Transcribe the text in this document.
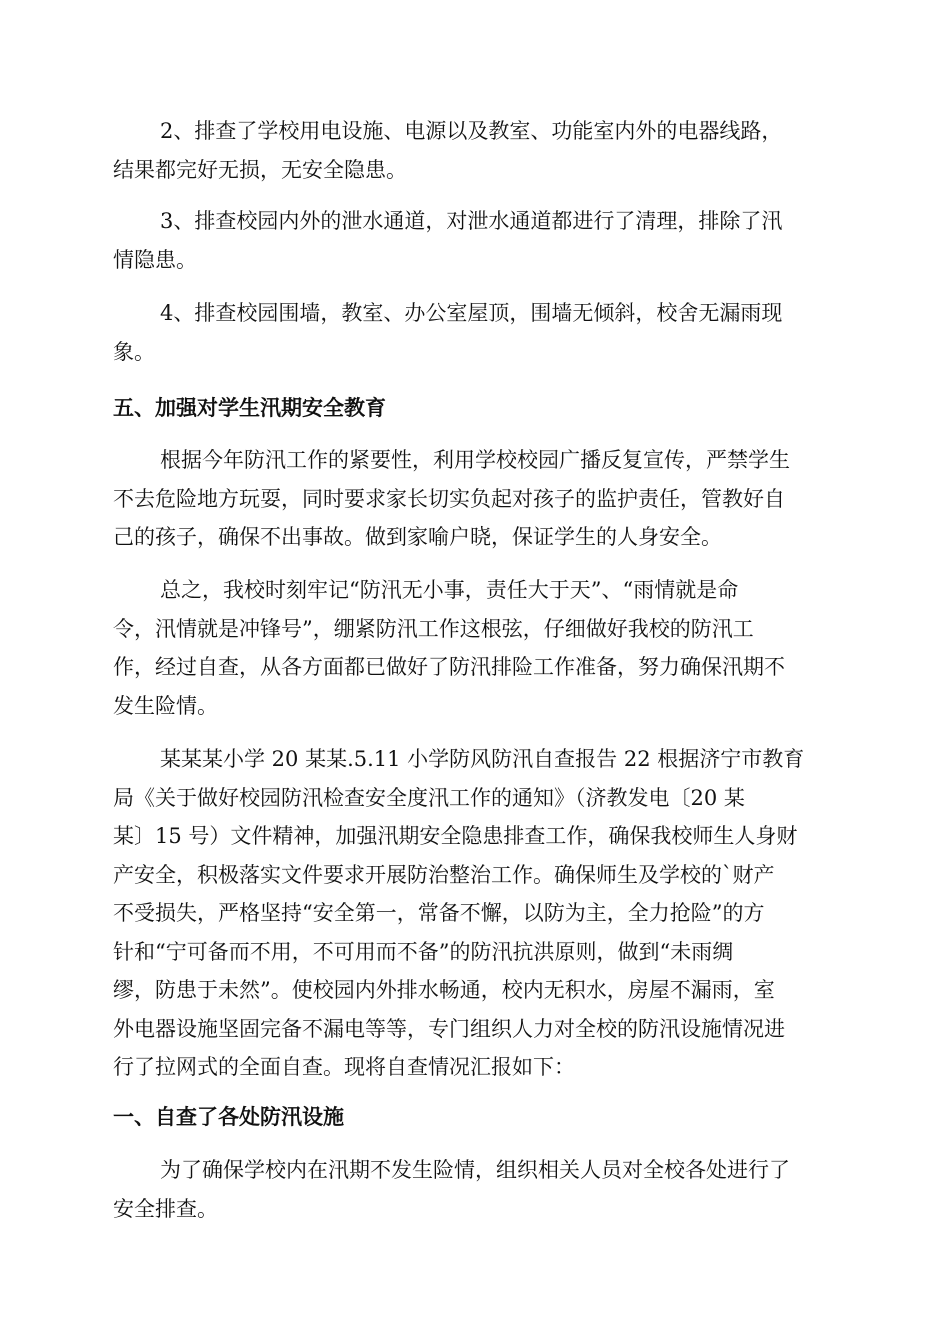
2、排查了学校用电设施、电源以及教室、功能室内外的电器线路，
结果都完好无损，无安全隐患。
3、排查校园内外的泄水通道，对泄水通道都进行了清理，排除了汛
情隐患。
4、排查校园围墙，教室、办公室屋顶，围墙无倾斜，校舍无漏雨现
象。
五、加强对学生汛期安全教育
根据今年防汛工作的紧要性，利用学校校园广播反复宣传，严禁学生
不去危险地方玩耍，同时要求家长切实负起对孩子的监护责任，管教好自
己的孩子，确保不出事故。做到家喻户晓，保证学生的人身安全。
总之，我校时刻牢记“防汛无小事，责任大于天”、“雨情就是命
令，汛情就是冲锋号”，绷紧防汛工作这根弦，仔细做好我校的防汛工
作，经过自查，从各方面都已做好了防汛排险工作准备，努力确保汛期不
发生险情。
某某某小学 20 某某.5.11 小学防风防汛自查报告 22 根据济宁市教育
局《关于做好校园防汛检查安全度汛工作的通知》（济教发电〔20 某
某〕15 号）文件精神，加强汛期安全隐患排查工作，确保我校师生人身财
产安全，积极落实文件要求开展防治整治工作。确保师生及学校的`财产
不受损失，严格坚持“安全第一，常备不懈，以防为主，全力抢险”的方
针和“宁可备而不用，不可用而不备”的防汛抗洪原则，做到“未雨绸
缪，防患于未然”。使校园内外排水畅通，校内无积水，房屋不漏雨，室
外电器设施坚固完备不漏电等等，专门组织人力对全校的防汛设施情况进
行了拉网式的全面自查。现将自查情况汇报如下：
一、自查了各处防汛设施
为了确保学校内在汛期不发生险情，组织相关人员对全校各处进行了
安全排查。
